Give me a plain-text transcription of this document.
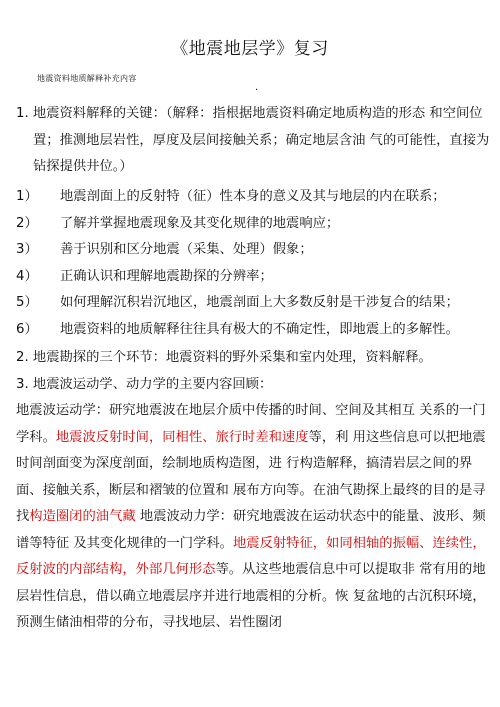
《地震地层学》复习
地震资料地质解释补充内容
·
1. 地震资料解释的关键：（解释：指根据地震资料确定地质构造的形态 和空间位
置；推测地层岩性，厚度及层间接触关系；确定地层含油 气的可能性，直接为
钻探提供井位。）
1） 地震剖面上的反射特（征）性本身的意义及其与地层的内在联系；
2） 了解并掌握地震现象及其变化规律的地震响应；
3） 善于识别和区分地震（采集、处理）假象；
4） 正确认识和理解地震勘探的分辨率；
5） 如何理解沉积岩沉地区，地震剖面上大多数反射是干涉复合的结果；
6） 地震资料的地质解释往往具有极大的不确定性，即地震上的多解性。
2. 地震勘探的三个环节：地震资料的野外采集和室内处理，资料解释。
3. 地震波运动学、动力学的主要内容回顾：
地震波运动学：研究地震波在地层介质中传播的时间、空间及其相互 关系的一门学科。地震波反射时间，同相性、旅行时差和速度等，利 用这些信息可以把地震时间剖面变为深度剖面，绘制地质构造图，进 行构造解释，搞清岩层之间的界面、接触关系，断层和褶皱的位置和 展布方向等。在油气勘探上最终的目的是寻找构造圈闭的油气藏 地震波动力学：研究地震波在运动状态中的能量、波形、频谱等特征 及其变化规律的一门学科。地震反射特征，如同相轴的振幅、连续性， 反射波的内部结构，外部几何形态等。从这些地震信息中可以提取非 常有用的地层岩性信息，借以确立地震层序并进行地震相的分析。恢 复盆地的古沉积环境，预测生储油相带的分布，寻找地层、岩性圈闭
